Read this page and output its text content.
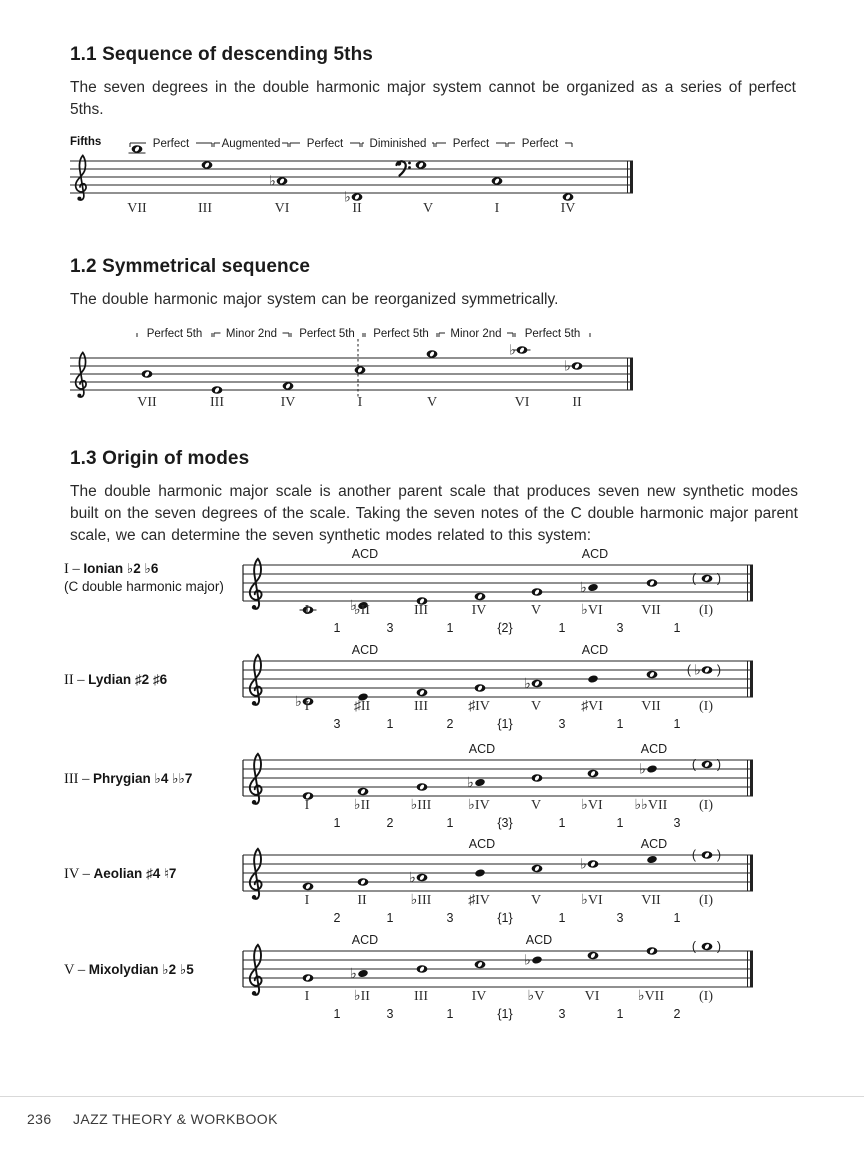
1.1 Sequence of descending 5ths

The seven degrees in the double harmonic major system cannot be organized as a series of perfect 5ths.

Fifths
1.2 Symmetrical sequence

The double harmonic major system can be reorganized symmetrically.

1.3 Origin of modes

The double harmonic major scale is another parent scale that produces seven new synthetic modes built on the seven degrees of the scale. Taking the seven notes of the C double harmonic major parent scale, we can determine the seven synthetic modes related to this system:

I – Ionian ♭2 ♭6
(C double harmonic major)
II – Lydian ♯2 ♯6
III – Phrygian ♭4 ♭♭7
IV – Aeolian ♯4 ♮7
V – Mixolydian ♭2 ♭5
Perfect	Augmented Perfect Diminished Perfect	Perfect
♭
♭
VII	III	VI	II	V	I	IV
Perfect 5th Minor 2nd Perfect 5th Perfect 5th Minor 2nd Perfect 5th
♭
♭
VII	III	IV	I	V	VI	II
♭
♭
( )
I	♭II	III	IV	V	♭VI	VII	(I)
1	3	1	{2}	1	3	1
ACD	ACD
♭
♭
( )
♭
I	♯II	III	♯IV	V	♯VI	VII	(I)
3	1	2	{1}	3	1	1
ACD	ACD
♭
♭	( )
I	♭II	♭III	♭IV	V	♭VI ♭♭VII (I)
1	2	1	{3}	1	1	3
ACD	ACD
♭
♭
( )
I	II	♭III	♯IV	V	♭VI	VII	(I)
2	1	3	{1}	1	3	1
ACD	ACD
♭
♭
( )
I	♭II	III	IV	♭V	VI	♭VII (I)
1	3	1	{1}	3	1	2
ACD	ACD
236 JAZZ THEORY & WORKBOOK
